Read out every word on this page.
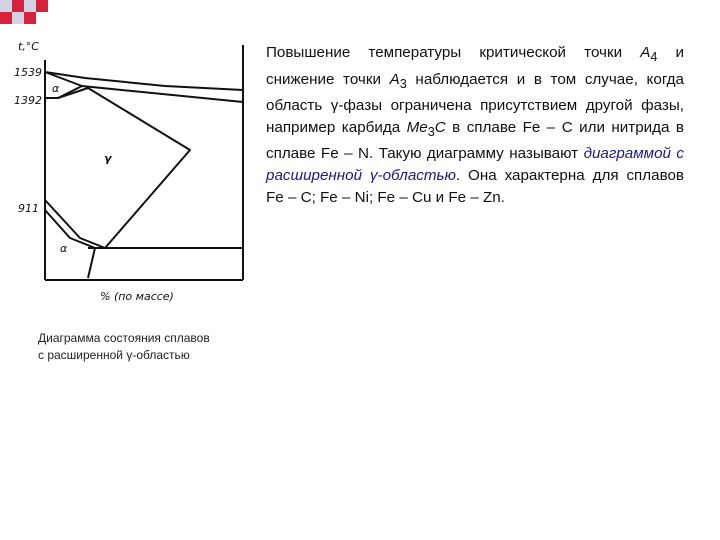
t,°C
1539
1392
911
α
γ
α
% (по массе)
Диаграмма состояния сплавов
с расширенной γ-областью
Повышение температуры критической точки $A_4$ и снижение точки $A_3$ наблюдается и в том случае, когда область γ-фазы ограничена присутствием другой фазы, например карбида $Me_3C$ в сплаве Fe – C или нитрида в сплаве Fe – N. Такую диаграмму называют диаграммой с расширенной γ-областью. Она характерна для сплавов Fe – C; Fe – Ni; Fe – Cu и Fe – Zn.
